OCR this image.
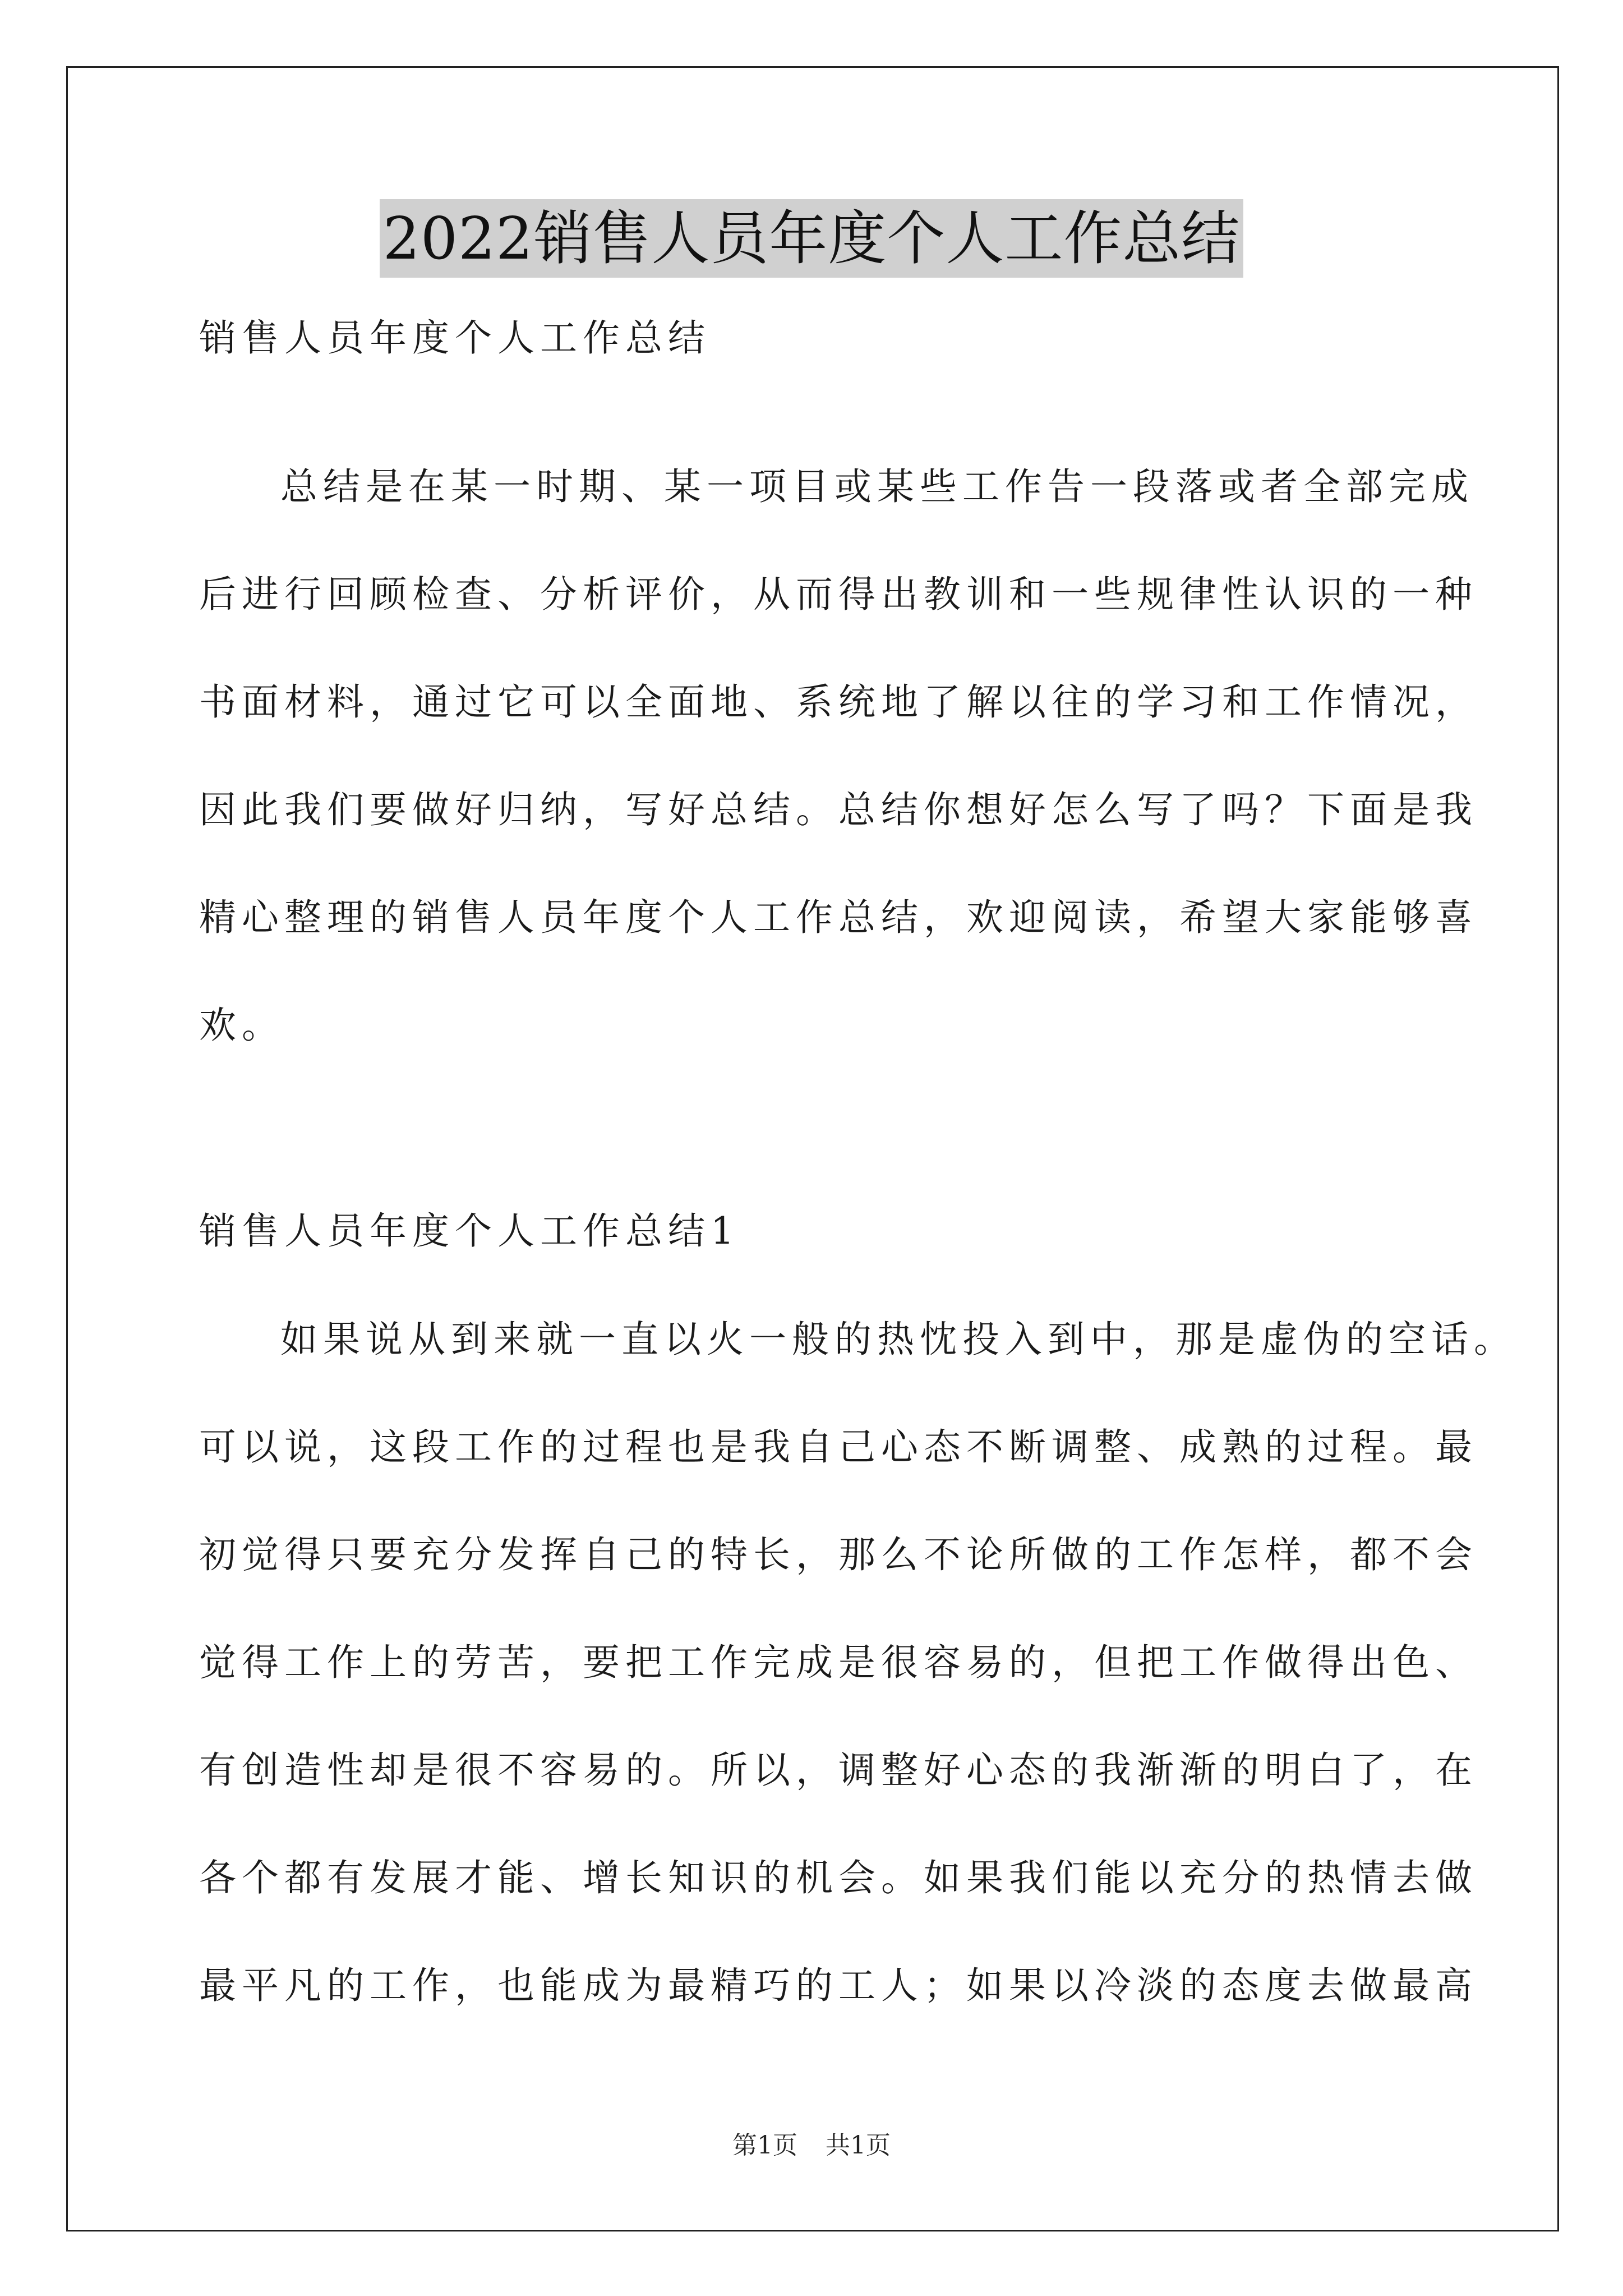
2022销售人员年度个人工作总结
销售人员年度个人工作总结
总结是在某一时期、某一项目或某些工作告一段落或者全部完成
后进行回顾检查、分析评价，从而得出教训和一些规律性认识的一种
书面材料，通过它可以全面地、系统地了解以往的学习和工作情况，
因此我们要做好归纳，写好总结。总结你想好怎么写了吗？下面是我
精心整理的销售人员年度个人工作总结，欢迎阅读，希望大家能够喜
欢。
销售人员年度个人工作总结1
如果说从到来就一直以火一般的热忱投入到中，那是虚伪的空话。
可以说，这段工作的过程也是我自己心态不断调整、成熟的过程。最
初觉得只要充分发挥自己的特长，那么不论所做的工作怎样，都不会
觉得工作上的劳苦，要把工作完成是很容易的，但把工作做得出色、
有创造性却是很不容易的。所以，调整好心态的我渐渐的明白了，在
各个都有发展才能、增长知识的机会。如果我们能以充分的热情去做
最平凡的工作，也能成为最精巧的工人；如果以冷淡的态度去做最高
第1页 共1页
